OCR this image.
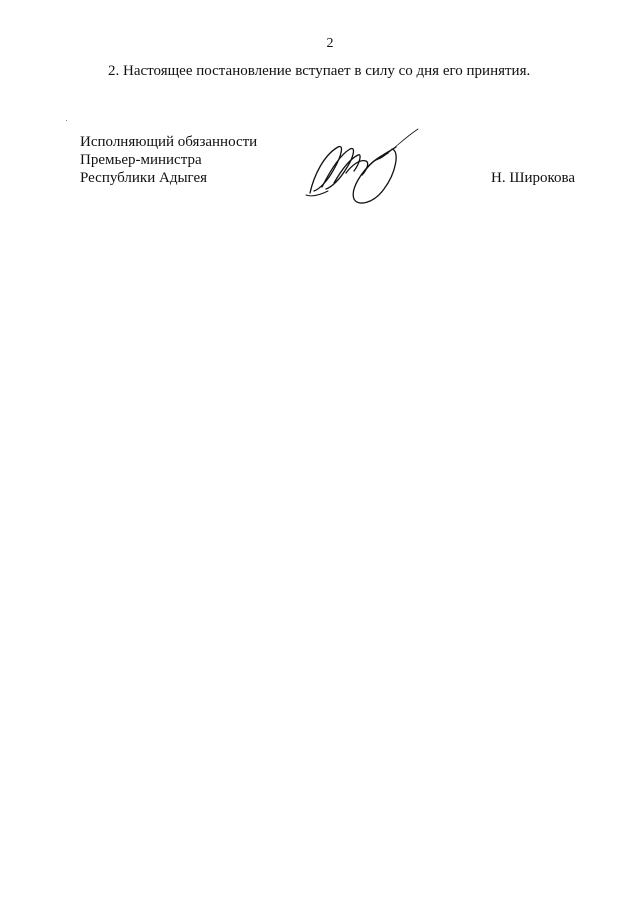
2
2. Настоящее постановление вступает в силу со дня его принятия.
Исполняющий обязанности
Премьер-министра
Республики Адыгея	Н. Широкова
